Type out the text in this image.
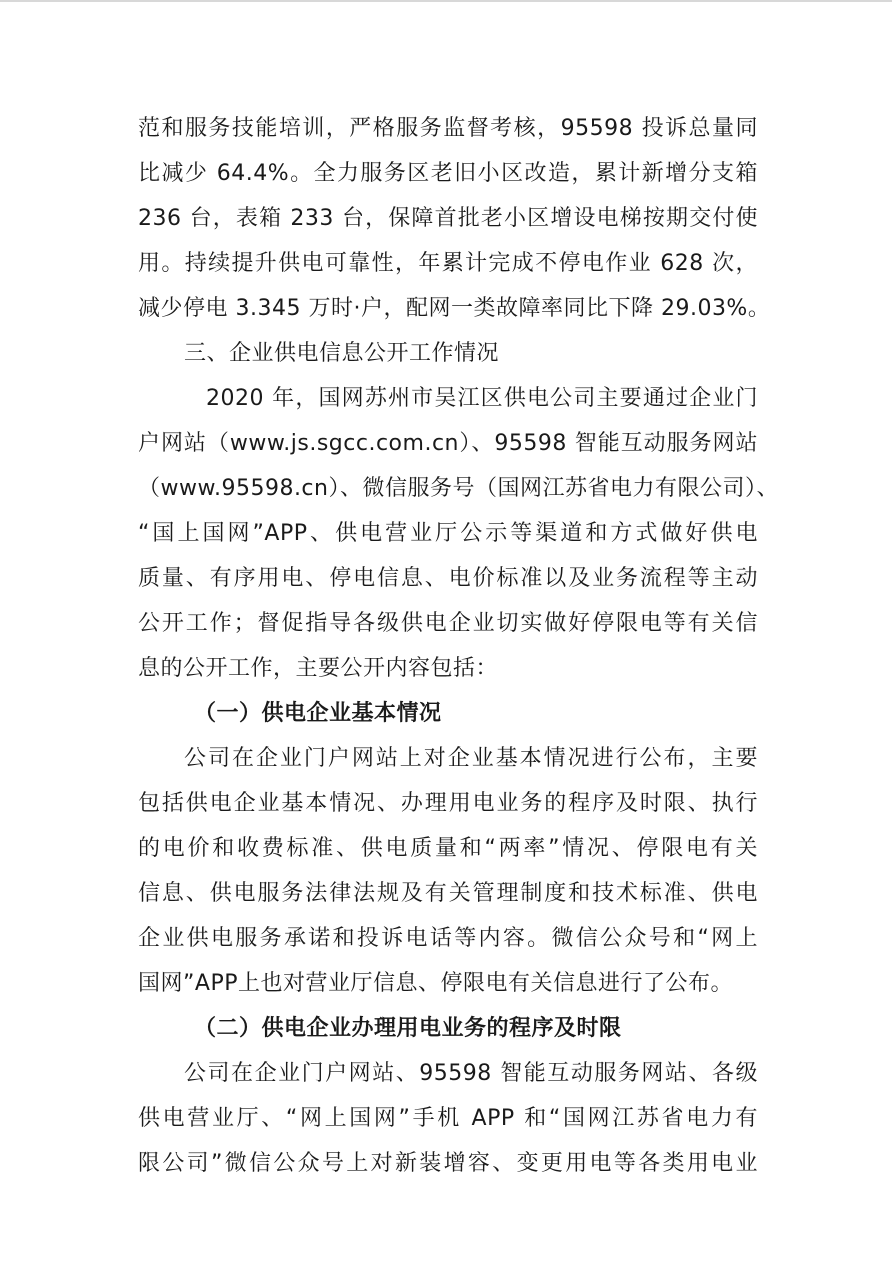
范和服务技能培训，严格服务监督考核，95598 投诉总量同
比减少 64.4%。全力服务区老旧小区改造，累计新增分支箱
236 台，表箱 233 台，保障首批老小区增设电梯按期交付使
用。持续提升供电可靠性，年累计完成不停电作业 628 次，
减少停电 3.345 万时·户，配网一类故障率同比下降 29.03%。
三、企业供电信息公开工作情况
2020 年，国网苏州市吴江区供电公司主要通过企业门
户网站（www.js.sgcc.com.cn）、95598 智能互动服务网站
（www.95598.cn）、微信服务号（国网江苏省电力有限公司）、
“国上国网”APP、供电营业厅公示等渠道和方式做好供电
质量、有序用电、停电信息、电价标准以及业务流程等主动
公开工作；督促指导各级供电企业切实做好停限电等有关信
息的公开工作，主要公开内容包括：
（一）供电企业基本情况
公司在企业门户网站上对企业基本情况进行公布，主要
包括供电企业基本情况、办理用电业务的程序及时限、执行
的电价和收费标准、供电质量和“两率”情况、停限电有关
信息、供电服务法律法规及有关管理制度和技术标准、供电
企业供电服务承诺和投诉电话等内容。微信公众号和“网上
国网”APP上也对营业厅信息、停限电有关信息进行了公布。
（二）供电企业办理用电业务的程序及时限
公司在企业门户网站、95598 智能互动服务网站、各级
供电营业厅、“网上国网”手机 APP 和“国网江苏省电力有
限公司”微信公众号上对新装增容、变更用电等各类用电业
